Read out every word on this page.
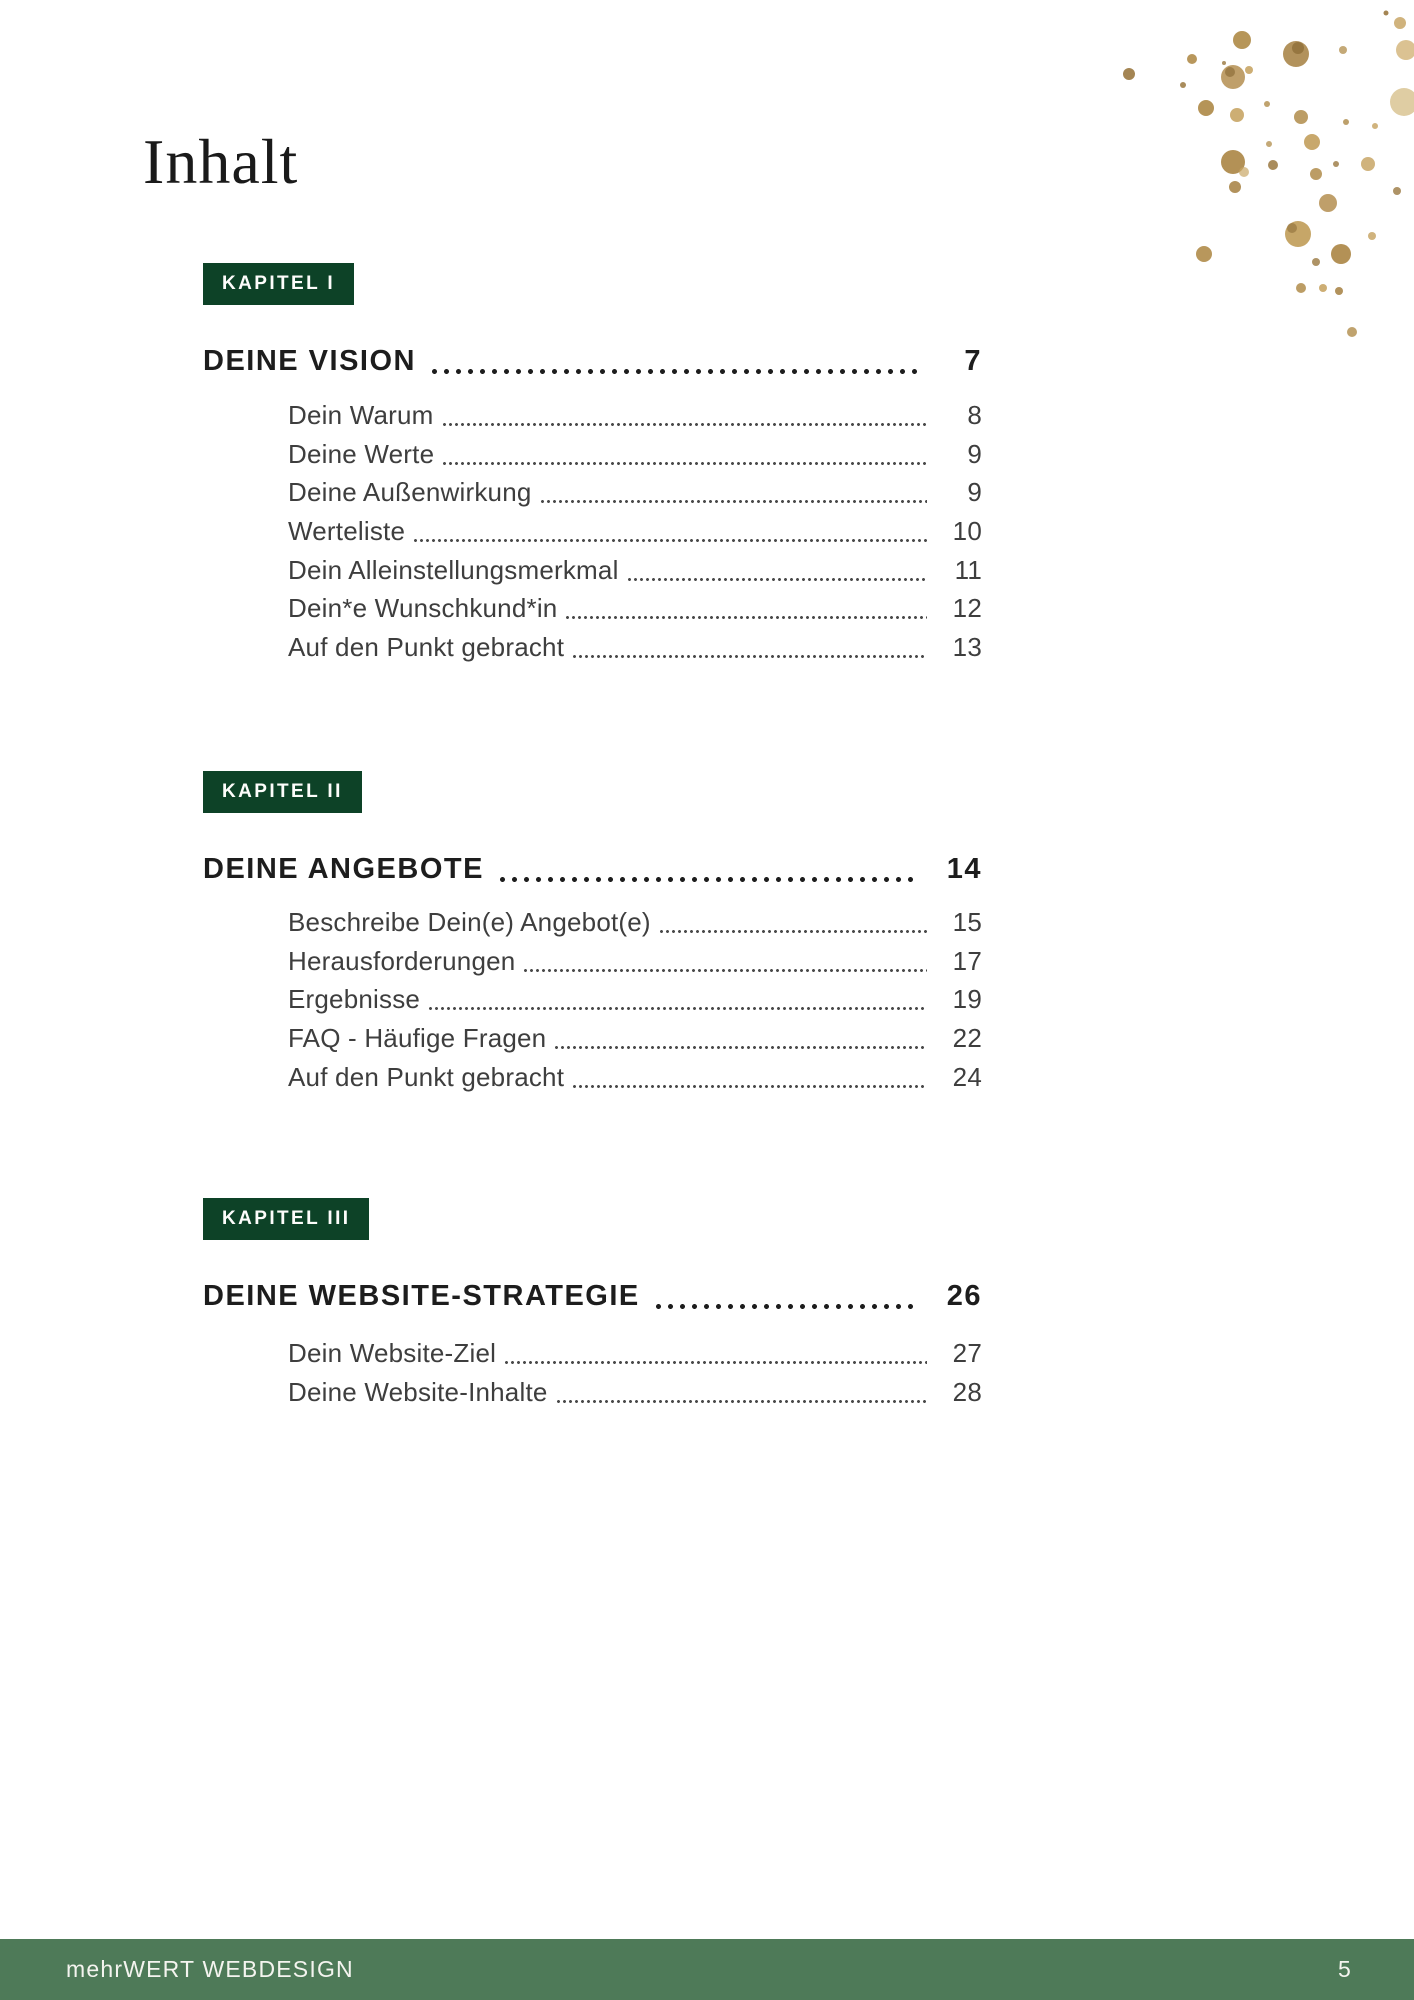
Inhalt
KAPITEL I
DEINE VISION	7
Dein Warum	8
Deine Werte	9
Deine Außenwirkung	9
Werteliste	10
Dein Alleinstellungsmerkmal	11
Dein*e Wunschkund*in	12
Auf den Punkt gebracht	13
KAPITEL II
DEINE ANGEBOTE	14
Beschreibe Dein(e) Angebot(e)	15
Herausforderungen	17
Ergebnisse	19
FAQ - Häufige Fragen	22
Auf den Punkt gebracht	24
KAPITEL III
DEINE WEBSITE-STRATEGIE	26
Dein Website-Ziel	27
Deine Website-Inhalte	28
mehrWERT WEBDESIGN	5
